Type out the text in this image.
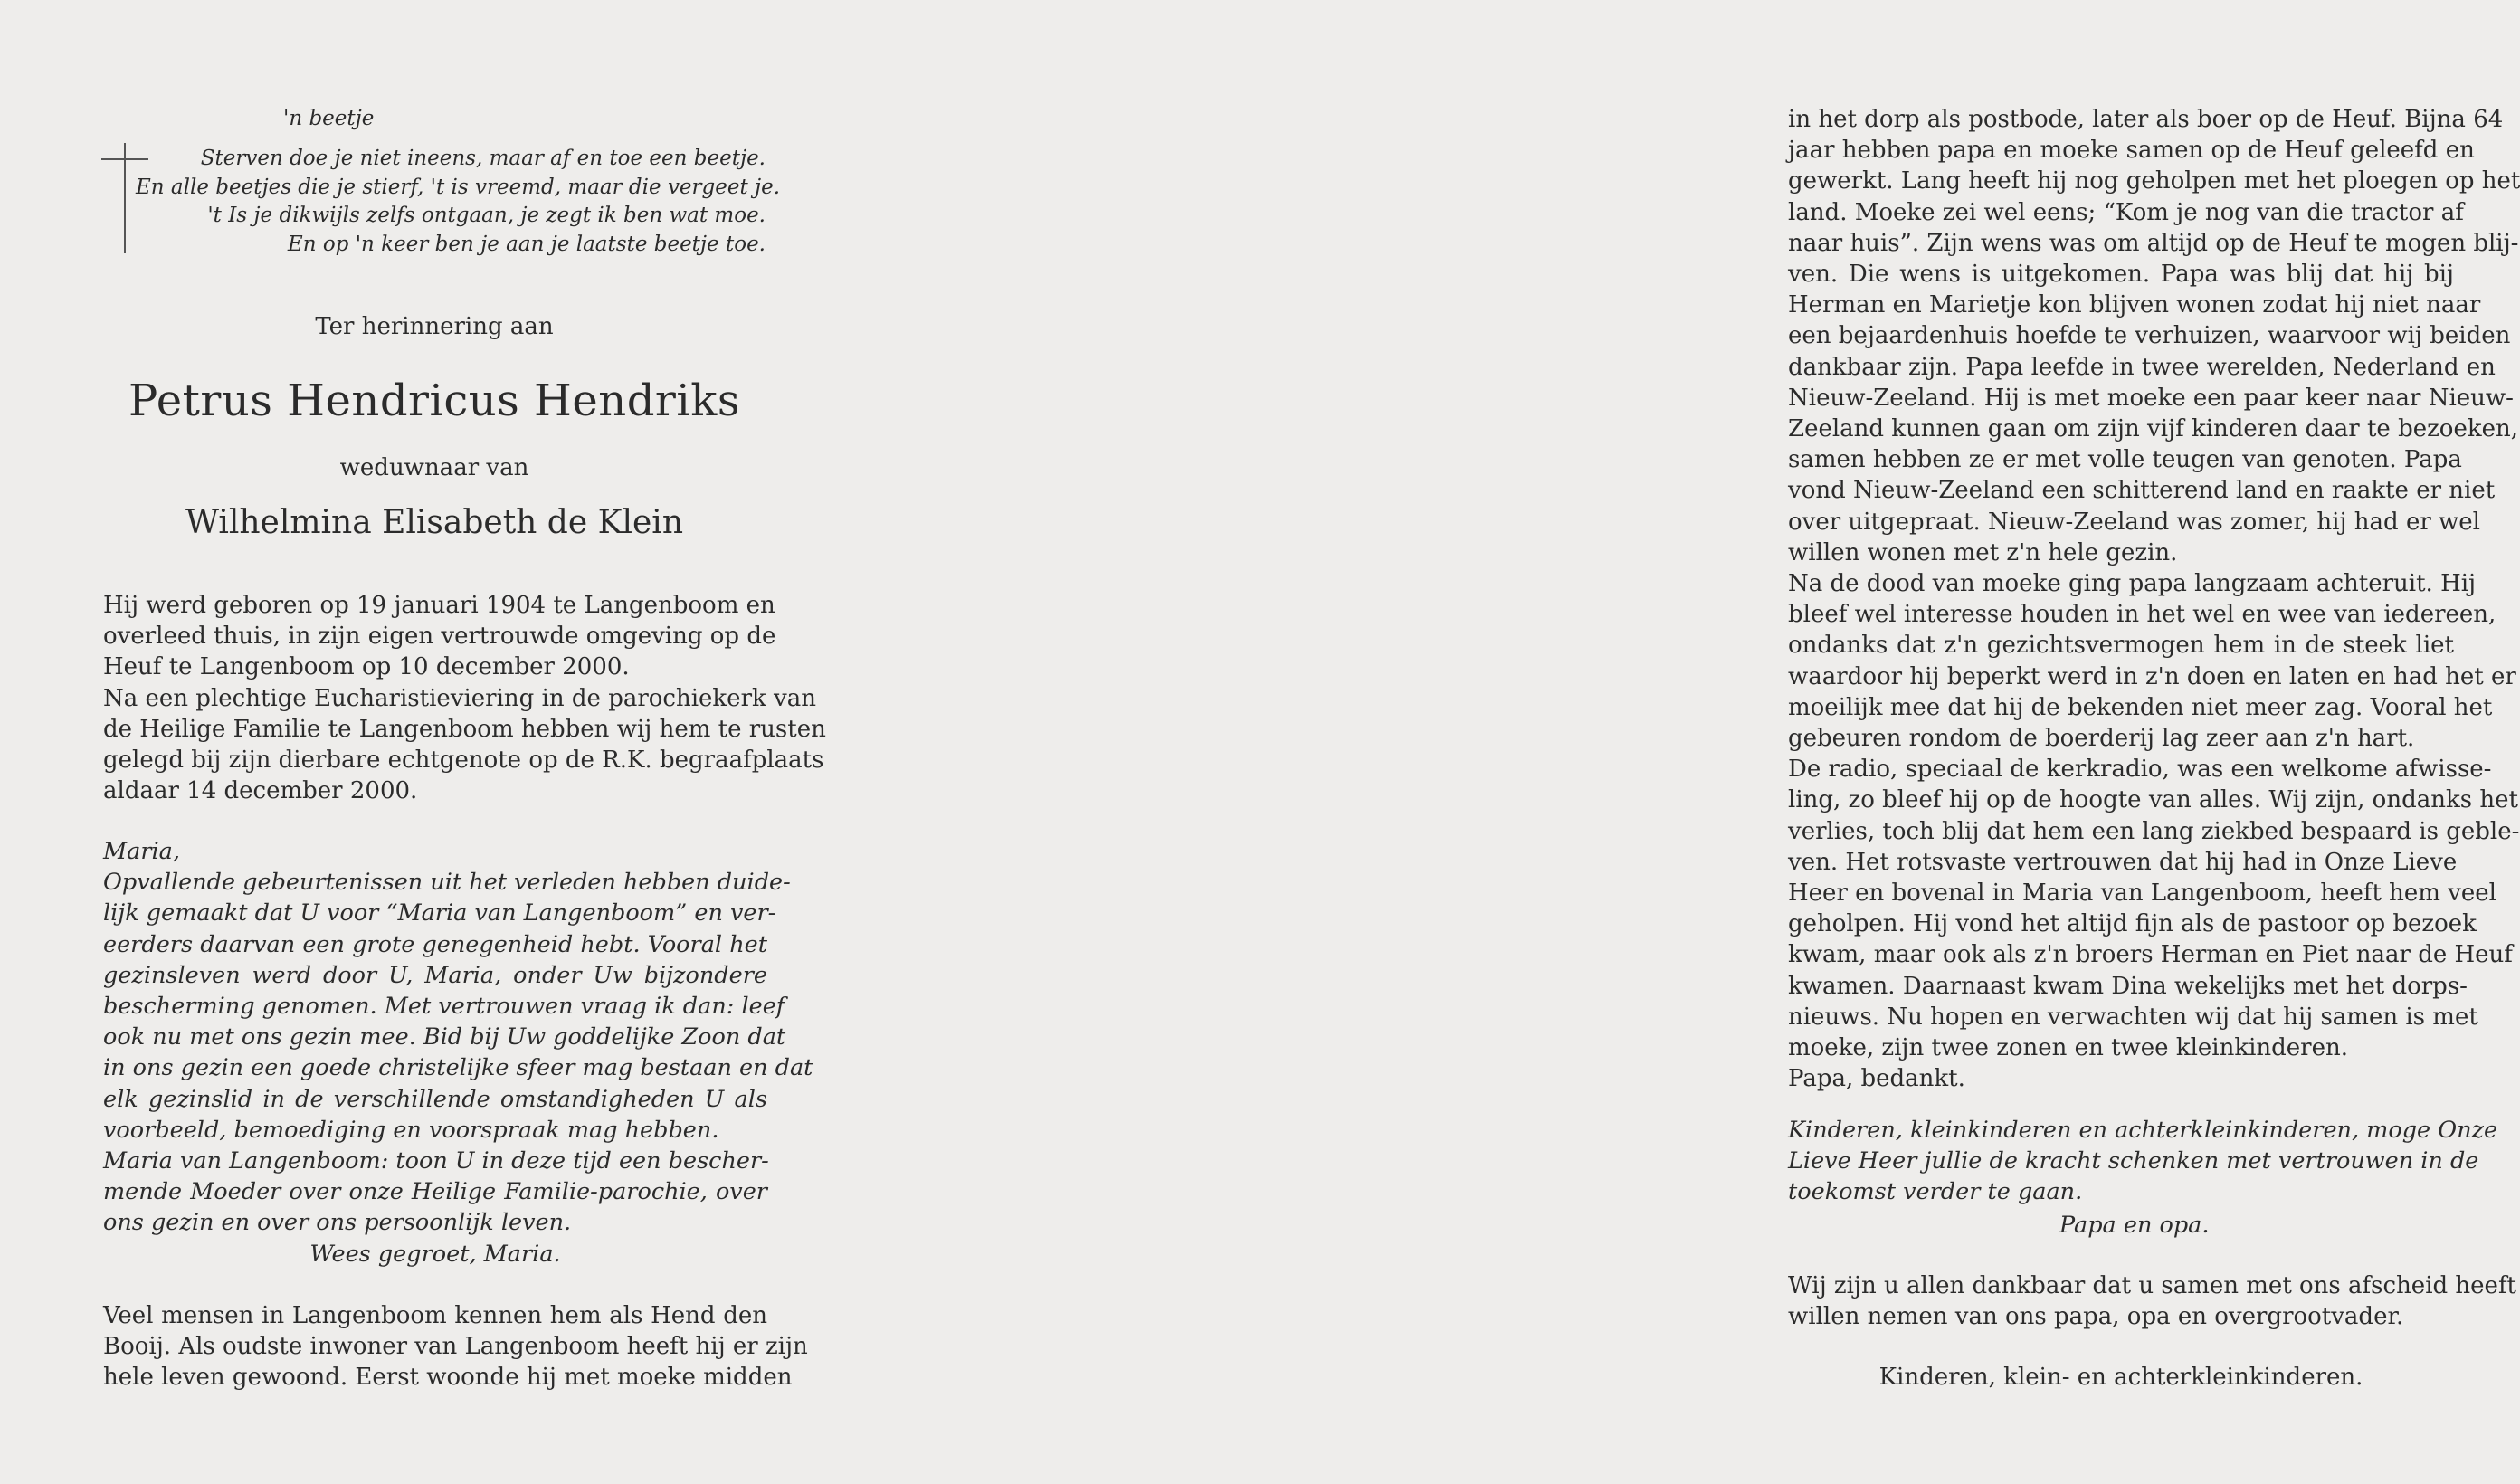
'n beetje
Sterven doe je niet ineens, maar af en toe een beetje.
En alle beetjes die je stierf, 't is vreemd, maar die vergeet je.
't Is je dikwijls zelfs ontgaan, je zegt ik ben wat moe.
En op 'n keer ben je aan je laatste beetje toe.
Ter herinnering aan
Petrus Hendricus Hendriks
weduwnaar van
Wilhelmina Elisabeth de Klein
Hij werd geboren op 19 januari 1904 te Langenboom en
overleed thuis, in zijn eigen vertrouwde omgeving op de
Heuf te Langenboom op 10 december 2000.
Na een plechtige Eucharistieviering in de parochiekerk van
de Heilige Familie te Langenboom hebben wij hem te rusten
gelegd bij zijn dierbare echtgenote op de R.K. begraafplaats
aldaar 14 december 2000.
Maria,
Opvallende gebeurtenissen uit het verleden hebben duide-
lijk gemaakt dat U voor “Maria van Langenboom” en ver-
eerders daarvan een grote genegenheid hebt. Vooral het
gezinsleven werd door U, Maria, onder Uw bijzondere
bescherming genomen. Met vertrouwen vraag ik dan: leef
ook nu met ons gezin mee. Bid bij Uw goddelijke Zoon dat
in ons gezin een goede christelijke sfeer mag bestaan en dat
elk gezinslid in de verschillende omstandigheden U als
voorbeeld, bemoediging en voorspraak mag hebben.
Maria van Langenboom: toon U in deze tijd een bescher-
mende Moeder over onze Heilige Familie-parochie, over
ons gezin en over ons persoonlijk leven.
Wees gegroet, Maria.
Veel mensen in Langenboom kennen hem als Hend den
Booij. Als oudste inwoner van Langenboom heeft hij er zijn
hele leven gewoond. Eerst woonde hij met moeke midden
in het dorp als postbode, later als boer op de Heuf. Bijna 64
jaar hebben papa en moeke samen op de Heuf geleefd en
gewerkt. Lang heeft hij nog geholpen met het ploegen op het
land. Moeke zei wel eens; “Kom je nog van die tractor af
naar huis”. Zijn wens was om altijd op de Heuf te mogen blij-
ven. Die wens is uitgekomen. Papa was blij dat hij bij
Herman en Marietje kon blijven wonen zodat hij niet naar
een bejaardenhuis hoefde te verhuizen, waarvoor wij beiden
dankbaar zijn. Papa leefde in twee werelden, Nederland en
Nieuw-Zeeland. Hij is met moeke een paar keer naar Nieuw-
Zeeland kunnen gaan om zijn vijf kinderen daar te bezoeken,
samen hebben ze er met volle teugen van genoten. Papa
vond Nieuw-Zeeland een schitterend land en raakte er niet
over uitgepraat. Nieuw-Zeeland was zomer, hij had er wel
willen wonen met z'n hele gezin.
Na de dood van moeke ging papa langzaam achteruit. Hij
bleef wel interesse houden in het wel en wee van iedereen,
ondanks dat z'n gezichtsvermogen hem in de steek liet
waardoor hij beperkt werd in z'n doen en laten en had het er
moeilijk mee dat hij de bekenden niet meer zag. Vooral het
gebeuren rondom de boerderij lag zeer aan z'n hart.
De radio, speciaal de kerkradio, was een welkome afwisse-
ling, zo bleef hij op de hoogte van alles. Wij zijn, ondanks het
verlies, toch blij dat hem een lang ziekbed bespaard is geble-
ven. Het rotsvaste vertrouwen dat hij had in Onze Lieve
Heer en bovenal in Maria van Langenboom, heeft hem veel
geholpen. Hij vond het altijd fijn als de pastoor op bezoek
kwam, maar ook als z'n broers Herman en Piet naar de Heuf
kwamen. Daarnaast kwam Dina wekelijks met het dorps-
nieuws. Nu hopen en verwachten wij dat hij samen is met
moeke, zijn twee zonen en twee kleinkinderen.
Papa, bedankt.
Kinderen, kleinkinderen en achterkleinkinderen, moge Onze
Lieve Heer jullie de kracht schenken met vertrouwen in de
toekomst verder te gaan.
Papa en opa.
Wij zijn u allen dankbaar dat u samen met ons afscheid heeft
willen nemen van ons papa, opa en overgrootvader.
Kinderen, klein- en achterkleinkinderen.
